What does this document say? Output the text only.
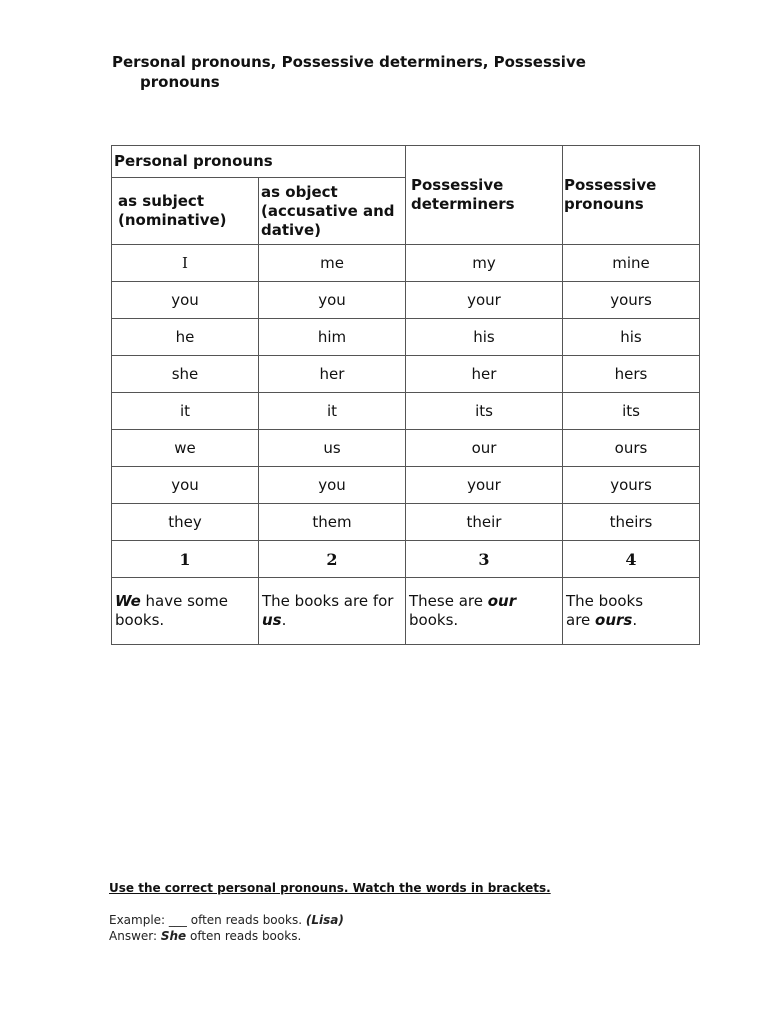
Personal pronouns, Possessive determiners, Possessive
pronouns
Personal pronouns		Possessive determiners	Possessive pronouns
as subject (nominative)	as object (accusative and dative)		
I	me	my	mine
you	you	your	yours
he	him	his	his
she	her	her	hers
it	it	its	its
we	us	our	ours
you	you	your	yours
they	them	their	theirs
1	2	3	4
We have some books.	The books are for us.	These are our books.	The books are ours.
Use the correct personal pronouns. Watch the words in brackets.
Example: ___ often reads books. (Lisa)
Answer: She often reads books.
